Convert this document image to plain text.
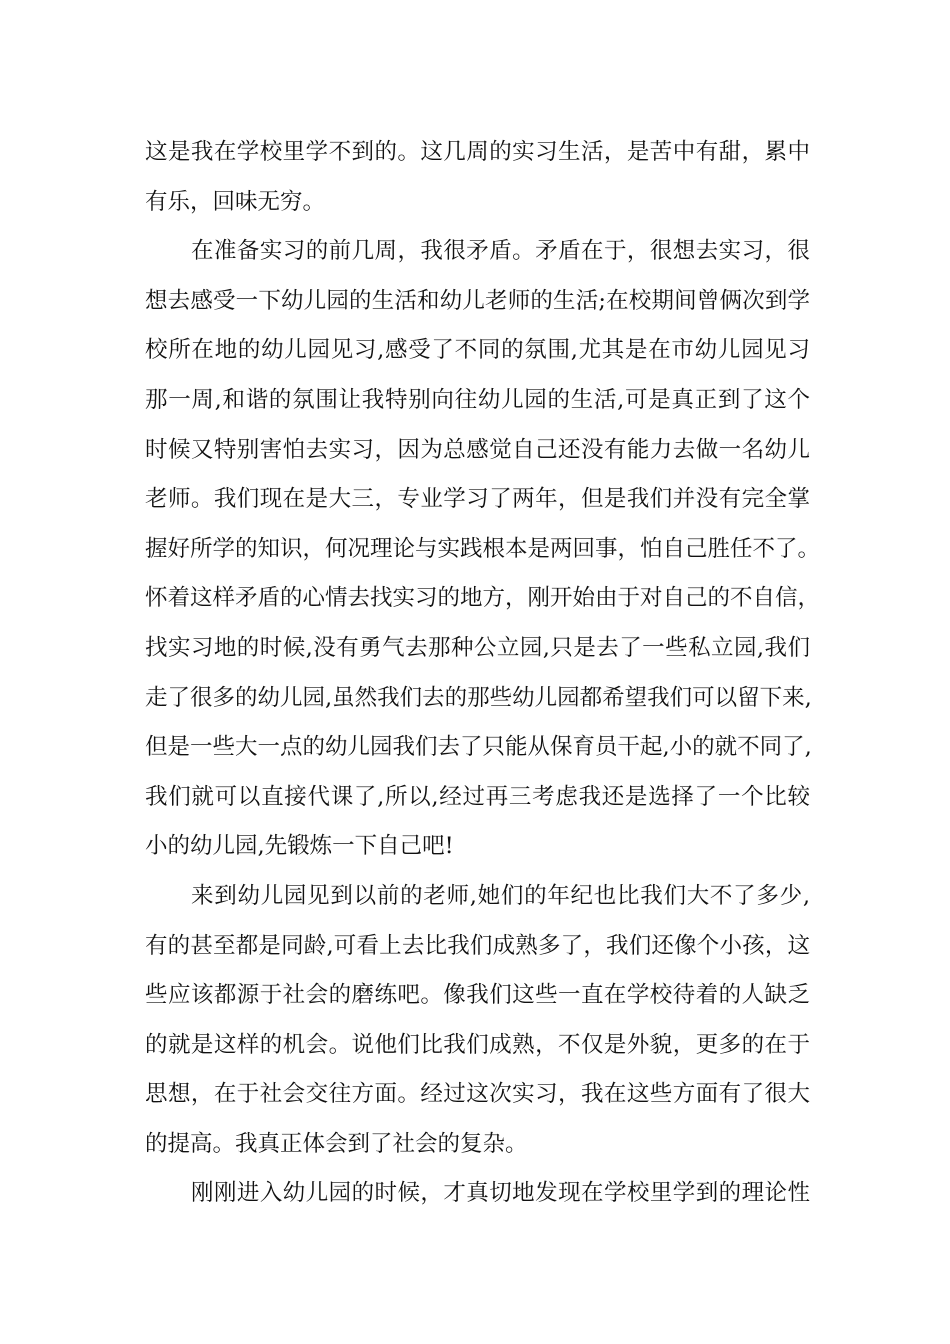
这是我在学校里学不到的。这几周的实习生活，是苦中有甜，累中
有乐，回味无穷。
在准备实习的前几周，我很矛盾。矛盾在于，很想去实习，很
想去感受一下幼儿园的生活和幼儿老师的生活;在校期间曾俩次到学
校所在地的幼儿园见习,感受了不同的氛围,尤其是在市幼儿园见习
那一周,和谐的氛围让我特别向往幼儿园的生活,可是真正到了这个
时候又特别害怕去实习，因为总感觉自己还没有能力去做一名幼儿
老师。我们现在是大三，专业学习了两年，但是我们并没有完全掌
握好所学的知识，何况理论与实践根本是两回事，怕自己胜任不了。
怀着这样矛盾的心情去找实习的地方，刚开始由于对自己的不自信，
找实习地的时候,没有勇气去那种公立园,只是去了一些私立园,我们
走了很多的幼儿园,虽然我们去的那些幼儿园都希望我们可以留下来,
但是一些大一点的幼儿园我们去了只能从保育员干起,小的就不同了,
我们就可以直接代课了,所以,经过再三考虑我还是选择了一个比较
小的幼儿园,先锻炼一下自己吧!
来到幼儿园见到以前的老师,她们的年纪也比我们大不了多少,
有的甚至都是同龄,可看上去比我们成熟多了，我们还像个小孩，这
些应该都源于社会的磨练吧。像我们这些一直在学校待着的人缺乏
的就是这样的机会。说他们比我们成熟，不仅是外貌，更多的在于
思想，在于社会交往方面。经过这次实习，我在这些方面有了很大
的提高。我真正体会到了社会的复杂。
刚刚进入幼儿园的时候，才真切地发现在学校里学到的理论性
